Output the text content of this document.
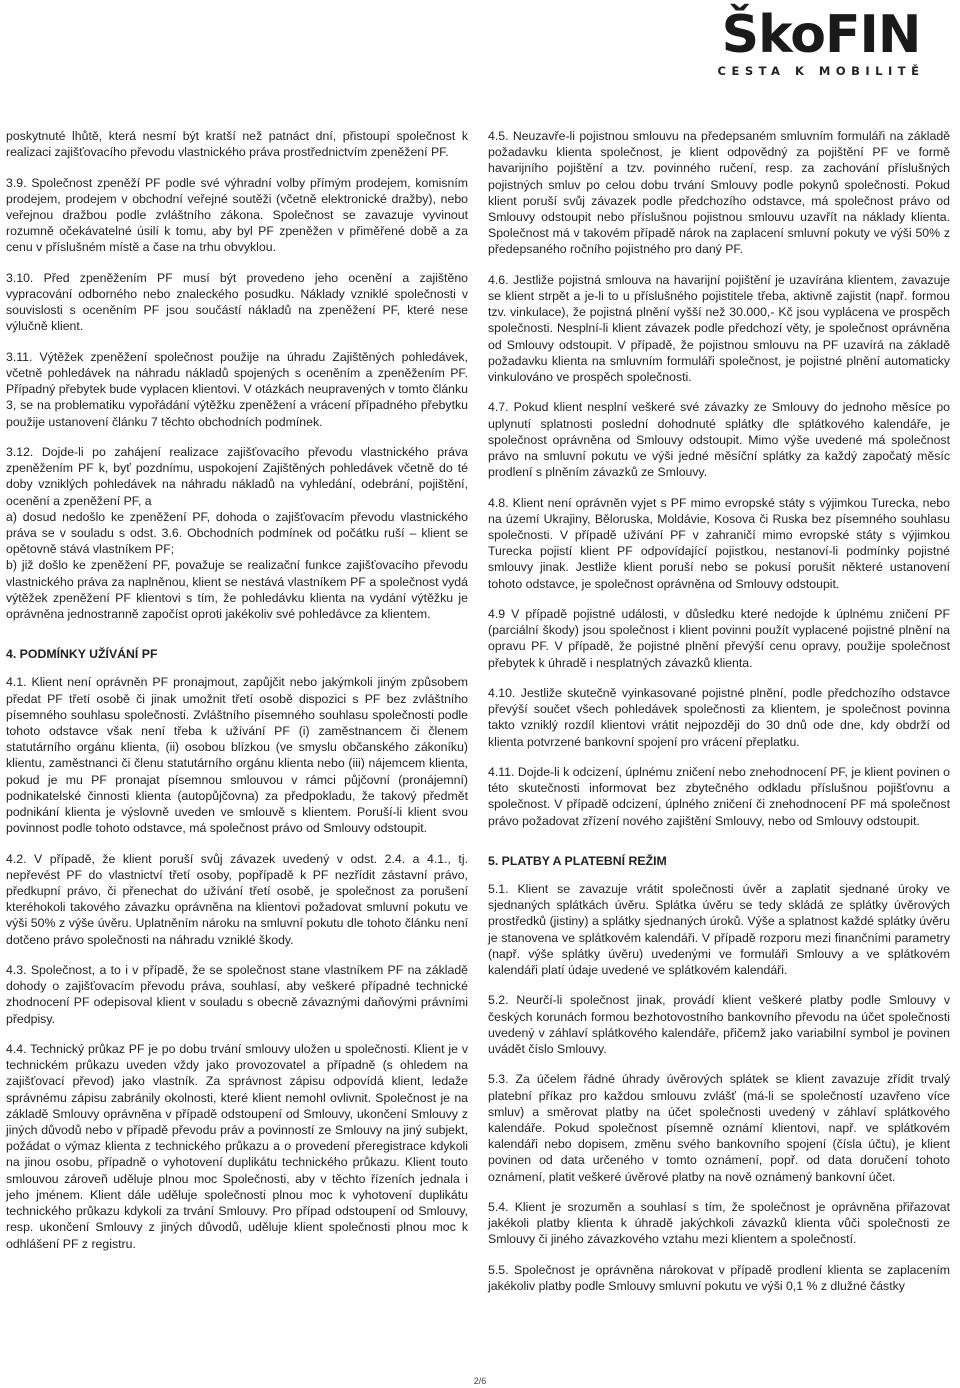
ŠkoFIN
CESTA K MOBILITĚ

poskytnuté lhůtě, která nesmí být kratší než patnáct dní, přistoupí společnost k realizaci zajišťovacího převodu vlastnického práva prostřednictvím zpeněžení PF.

3.9. Společnost zpeněží PF podle své výhradní volby přímým prodejem, komisním prodejem, prodejem v obchodní veřejné soutěži (včetně elektronické dražby), nebo veřejnou dražbou podle zvláštního zákona. Společnost se zavazuje vyvinout rozumně očekávatelné úsilí k tomu, aby byl PF zpeněžen v přiměřené době a za cenu v příslušném místě a čase na trhu obvyklou.

3.10. Před zpeněžením PF musí být provedeno jeho ocenění a zajištěno vypracování odborného nebo znaleckého posudku. Náklady vzniklé společnosti v souvislosti s oceněním PF jsou součástí nákladů na zpeněžení PF, které nese výlučně klient.

3.11. Výtěžek zpeněžení společnost použije na úhradu Zajištěných pohledávek, včetně pohledávek na náhradu nákladů spojených s oceněním a zpeněžením PF. Případný přebytek bude vyplacen klientovi. V otázkách neupravených v tomto článku 3, se na problematiku vypořádání výtěžku zpeněžení a vrácení případného přebytku použije ustanovení článku 7 těchto obchodních podmínek.

3.12. Dojde-li po zahájení realizace zajišťovacího převodu vlastnického práva zpeněžením PF k, byť pozdnímu, uspokojení Zajištěných pohledávek včetně do té doby vzniklých pohledávek na náhradu nákladů na vyhledání, odebrání, pojištění, ocenění a zpeněžení PF, a
a) dosud nedošlo ke zpeněžení PF, dohoda o zajišťovacím převodu vlastnického práva se v souladu s odst. 3.6. Obchodních podmínek od počátku ruší – klient se opětovně stává vlastníkem PF;
b) již došlo ke zpeněžení PF, považuje se realizační funkce zajišťovacího převodu vlastnického práva za naplněnou, klient se nestává vlastníkem PF a společnost vydá výtěžek zpeněžení PF klientovi s tím, že pohledávku klienta na vydání výtěžku je oprávněna jednostranně započíst oproti jakékoliv své pohledávce za klientem.

4. PODMÍNKY UŽÍVÁNÍ PF

4.1. Klient není oprávněn PF pronajmout, zapůjčit nebo jakýmkoli jiným způsobem předat PF třetí osobě či jinak umožnit třetí osobě dispozici s PF bez zvláštního písemného souhlasu společnosti. Zvláštního písemného souhlasu společnosti podle tohoto odstavce však není třeba k užívání PF (i) zaměstnancem či členem statutárního orgánu klienta, (ii) osobou blízkou (ve smyslu občanského zákoníku) klientu, zaměstnanci či členu statutárního orgánu klienta nebo (iii) nájemcem klienta, pokud je mu PF pronajat písemnou smlouvou v rámci půjčovní (pronájemní) podnikatelské činnosti klienta (autopůjčovna) za předpokladu, že takový předmět podnikání klienta je výslovně uveden ve smlouvě s klientem. Poruší-li klient svou povinnost podle tohoto odstavce, má společnost právo od Smlouvy odstoupit.

4.2. V případě, že klient poruší svůj závazek uvedený v odst. 2.4. a 4.1., tj. nepřevést PF do vlastnictví třetí osoby, popřípadě k PF nezřídit zástavní právo, předkupní právo, či přenechat do užívání třetí osobě, je společnost za porušení kteréhokoli takového závazku oprávněna na klientovi požadovat smluvní pokutu ve výši 50% z výše úvěru. Uplatněním nároku na smluvní pokutu dle tohoto článku není dotčeno právo společnosti na náhradu vzniklé škody.

4.3. Společnost, a to i v případě, že se společnost stane vlastníkem PF na základě dohody o zajišťovacím převodu práva, souhlasí, aby veškeré případné technické zhodnocení PF odepisoval klient v souladu s obecně závaznými daňovými právními předpisy.

4.4. Technický průkaz PF je po dobu trvání smlouvy uložen u společnosti. Klient je v technickém průkazu uveden vždy jako provozovatel a případně (s ohledem na zajišťovací převod) jako vlastník. Za správnost zápisu odpovídá klient, ledaže správnému zápisu zabránily okolnosti, které klient nemohl ovlivnit. Společnost je na základě Smlouvy oprávněna v případě odstoupení od Smlouvy, ukončení Smlouvy z jiných důvodů nebo v případě převodu práv a povinností ze Smlouvy na jiný subjekt, požádat o výmaz klienta z technického průkazu a o provedení přeregistrace kdykoli na jinou osobu, případně o vyhotovení duplikátu technického průkazu. Klient touto smlouvou zároveň uděluje plnou moc Společnosti, aby v těchto řízeních jednala i jeho jménem. Klient dále uděluje společnosti plnou moc k vyhotovení duplikátu technického průkazu kdykoli za trvání Smlouvy. Pro případ odstoupení od Smlouvy, resp. ukončení Smlouvy z jiných důvodů, uděluje klient společnosti plnou moc k odhlášení PF z registru.

4.5. Neuzavře-li pojistnou smlouvu na předepsaném smluvním formuláři na základě požadavku klienta společnost, je klient odpovědný za pojištění PF ve formě havarijního pojištění a tzv. povinného ručení, resp. za zachování příslušných pojistných smluv po celou dobu trvání Smlouvy podle pokynů společnosti. Pokud klient poruší svůj závazek podle předchozího odstavce, má společnost právo od Smlouvy odstoupit nebo příslušnou pojistnou smlouvu uzavřít na náklady klienta. Společnost má v takovém případě nárok na zaplacení smluvní pokuty ve výši 50% z předepsaného ročního pojistného pro daný PF.

4.6. Jestliže pojistná smlouva na havarijní pojištění je uzavírána klientem, zavazuje se klient strpět a je-li to u příslušného pojistitele třeba, aktivně zajistit (např. formou tzv. vinkulace), že pojistná plnění vyšší než 30.000,- Kč jsou vyplácena ve prospěch společnosti. Nesplní-li klient závazek podle předchozí věty, je společnost oprávněna od Smlouvy odstoupit. V případě, že pojistnou smlouvu na PF uzavírá na základě požadavku klienta na smluvním formuláři společnost, je pojistné plnění automaticky vinkulováno ve prospěch společnosti.

4.7. Pokud klient nesplní veškeré své závazky ze Smlouvy do jednoho měsíce po uplynutí splatnosti poslední dohodnuté splátky dle splátkového kalendáře, je společnost oprávněna od Smlouvy odstoupit. Mimo výše uvedené má společnost právo na smluvní pokutu ve výši jedné měsíční splátky za každý započatý měsíc prodlení s plněním závazků ze Smlouvy.

4.8. Klient není oprávněn vyjet s PF mimo evropské státy s výjimkou Turecka, nebo na území Ukrajiny, Běloruska, Moldávie, Kosova či Ruska bez písemného souhlasu společnosti. V případě užívání PF v zahraničí mimo evropské státy s výjimkou Turecka pojistí klient PF odpovídající pojistkou, nestanoví-li podmínky pojistné smlouvy jinak. Jestliže klient poruší nebo se pokusí porušit některé ustanovení tohoto odstavce, je společnost oprávněna od Smlouvy odstoupit.

4.9 V případě pojistné události, v důsledku které nedojde k úplnému zničení PF (parciální škody) jsou společnost i klient povinni použít vyplacené pojistné plnění na opravu PF. V případě, že pojistné plnění převýší cenu opravy, použije společnost přebytek k úhradě i nesplatných závazků klienta.

4.10. Jestliže skutečně vyinkasované pojistné plnění, podle předchozího odstavce převýší součet všech pohledávek společnosti za klientem, je společnost povinna takto vzniklý rozdíl klientovi vrátit nejpozději do 30 dnů ode dne, kdy obdrží od klienta potvrzené bankovní spojení pro vrácení přeplatku.

4.11. Dojde-li k odcizení, úplnému zničení nebo znehodnocení PF, je klient povinen o této skutečnosti informovat bez zbytečného odkladu příslušnou pojišťovnu a společnost. V případě odcizení, úplného zničení či znehodnocení PF má společnost právo požadovat zřízení nového zajištění Smlouvy, nebo od Smlouvy odstoupit.

5. PLATBY A PLATEBNÍ REŽIM

5.1. Klient se zavazuje vrátit společnosti úvěr a zaplatit sjednané úroky ve sjednaných splátkách úvěru. Splátka úvěru se tedy skládá ze splátky úvěrových prostředků (jistiny) a splátky sjednaných úroků. Výše a splatnost každé splátky úvěru je stanovena ve splátkovém kalendáři. V případě rozporu mezi finančními parametry (např. výše splátky úvěru) uvedenými ve formuláři Smlouvy a ve splátkovém kalendáři platí údaje uvedené ve splátkovém kalendáři.

5.2. Neurčí-li společnost jinak, provádí klient veškeré platby podle Smlouvy v českých korunách formou bezhotovostního bankovního převodu na účet společnosti uvedený v záhlaví splátkového kalendáře, přičemž jako variabilní symbol je povinen uvádět číslo Smlouvy.

5.3. Za účelem řádné úhrady úvěrových splátek se klient zavazuje zřídit trvalý platební příkaz pro každou smlouvu zvlášť (má-li se společností uzavřeno více smluv) a směrovat platby na účet společnosti uvedený v záhlaví splátkového kalendáře. Pokud společnost písemně oznámí klientovi, např. ve splátkovém kalendáři nebo dopisem, změnu svého bankovního spojení (čísla účtu), je klient povinen od data určeného v tomto oznámení, popř. od data doručení tohoto oznámení, platit veškeré úvěrové platby na nově oznámený bankovní účet.

5.4. Klient je srozuměn a souhlasí s tím, že společnost je oprávněna přiřazovat jakékoli platby klienta k úhradě jakýchkoli závazků klienta vůči společnosti ze Smlouvy či jiného závazkového vztahu mezi klientem a společností.

5.5. Společnost je oprávněna nárokovat v případě prodlení klienta se zaplacením jakékoliv platby podle Smlouvy smluvní pokutu ve výši 0,1 % z dlužné částky

2/6
